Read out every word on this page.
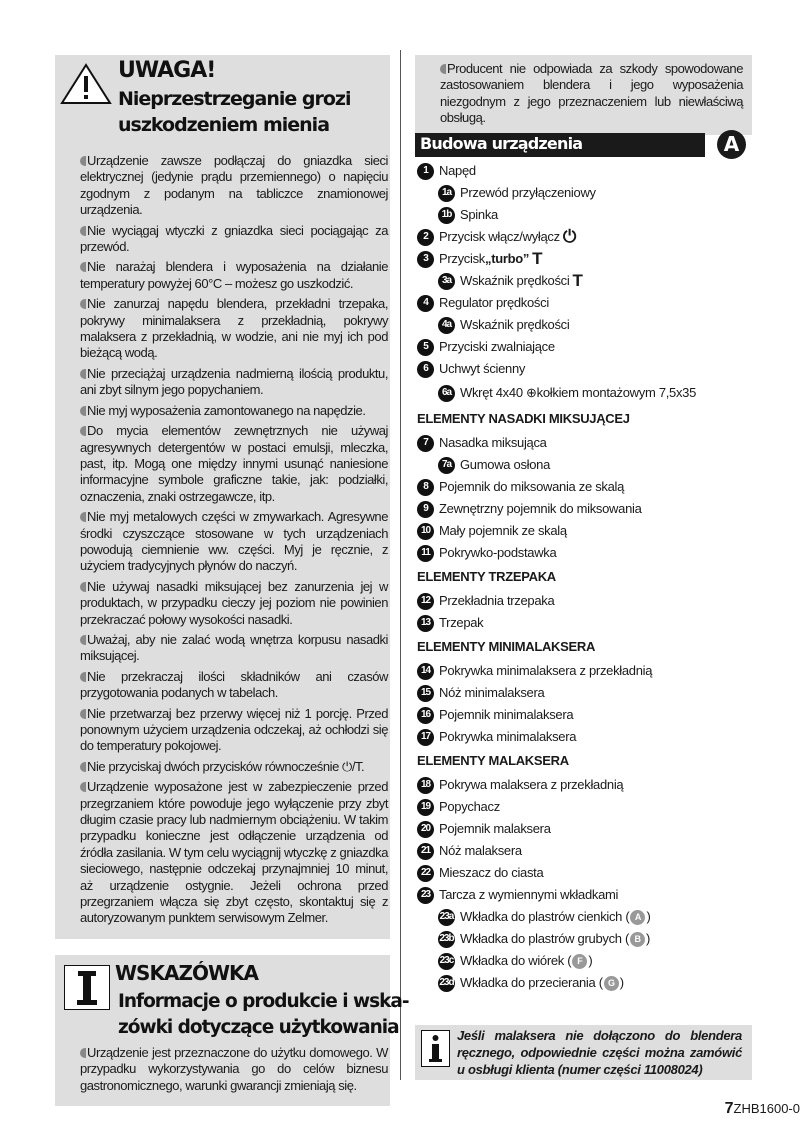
UWAGA!
Nieprzestrzeganie grozi
uszkodzeniem mienia

Urządzenie zawsze podłączaj do gniazdka sieci elektrycznej (jedynie prądu przemiennego) o napięciu zgodnym z podanym na tabliczce znamionowej urządzenia.

Nie wyciągaj wtyczki z gniazdka sieci pociągając za przewód.

Nie narażaj blendera i wyposażenia na działanie temperatury powyżej 60°C – możesz go uszkodzić.

Nie zanurzaj napędu blendera, przekładni trzepaka, pokrywy minimalaksera z przekładnią, pokrywy malaksera z przekładnią, w wodzie, ani nie myj ich pod bieżącą wodą.

Nie przeciążaj urządzenia nadmierną ilością produktu, ani zbyt silnym jego popychaniem.

Nie myj wyposażenia zamontowanego na napędzie.

Do mycia elementów zewnętrznych nie używaj agresywnych detergentów w postaci emulsji, mleczka, past, itp. Mogą one między innymi usunąć naniesione informacyjne symbole graficzne takie, jak: podziałki, oznaczenia, znaki ostrzegawcze, itp.

Nie myj metalowych części w zmywarkach. Agresywne środki czyszczące stosowane w tych urządzeniach powodują ciemnienie ww. części. Myj je ręcznie, z użyciem tradycyjnych płynów do naczyń.

Nie używaj nasadki miksującej bez zanurzenia jej w produktach, w przypadku cieczy jej poziom nie powinien przekraczać połowy wysokości nasadki.

Uważaj, aby nie zalać wodą wnętrza korpusu nasadki miksującej.

Nie przekraczaj ilości składników ani czasów przygotowania podanych w tabelach.

Nie przetwarzaj bez przerwy więcej niż 1 porcję. Przed ponownym użyciem urządzenia odczekaj, aż ochłodzi się do temperatury pokojowej.

Nie przyciskaj dwóch przycisków równocześnie ⏻/T.

Urządzenie wyposażone jest w zabezpieczenie przed przegrzaniem które powoduje jego wyłączenie przy zbyt długim czasie pracy lub nadmiernym obciążeniu. W takim przypadku konieczne jest odłączenie urządzenia od źródła zasilania. W tym celu wyciągnij wtyczkę z gniazdka sieciowego, następnie odczekaj przynajmniej 10 minut, aż urządzenie ostygnie. Jeżeli ochrona przed przegrzaniem włącza się zbyt często, skontaktuj się z autoryzowanym punktem serwisowym Zelmer.

WSKAZÓWKA
Informacje o produkcie i wska-
zówki dotyczące użytkowania

Urządzenie jest przeznaczone do użytku domowego. W przypadku wykorzystywania go do celów biznesu gastronomicznego, warunki gwarancji zmieniają się.

Producent nie odpowiada za szkody spowodowane zastosowaniem blendera i jego wyposażenia niezgodnym z jego przeznaczeniem lub niewłaściwą obsługą.

Budowa urządzenia	A
1 Napęd
1a Przewód przyłączeniowy
1b Spinka
2 Przycisk włącz/wyłącz ⏻
3 Przycisk „turbo” T
3a Wskaźnik prędkości T
4 Regulator prędkości
4a Wskaźnik prędkości
5 Przyciski zwalniające
6 Uchwyt ścienny
6a Wkręt 4x40 ⊕kołkiem montażowym 7,5x35
ELEMENTY NASADKI MIKSUJĄCEJ
7 Nasadka miksująca
7a Gumowa osłona
8 Pojemnik do miksowania ze skalą
9 Zewnętrzny pojemnik do miksowania
10 Mały pojemnik ze skalą
11 Pokrywko-podstawka
ELEMENTY TRZEPAKA
12 Przekładnia trzepaka
13 Trzepak
ELEMENTY MINIMALAKSERA
14 Pokrywka minimalaksera z przekładnią
15 Nóż minimalaksera
16 Pojemnik minimalaksera
17 Pokrywka minimalaksera
ELEMENTY MALAKSERA
18 Pokrywa malaksera z przekładnią
19 Popychacz
20 Pojemnik malaksera
21 Nóż malaksera
22 Mieszacz do ciasta
23 Tarcza z wymiennymi wkładkami
23a Wkładka do plastrów cienkich ( A )
23b Wkładka do plastrów grubych ( B )
23c Wkładka do wiórek ( F )
23d Wkładka do przecierania ( G )
Jeśli malaksera nie dołączono do blendera ręcznego, odpowiednie części można zamówić u osbługi klienta (numer części 11008024)
7ZHB1600-0
